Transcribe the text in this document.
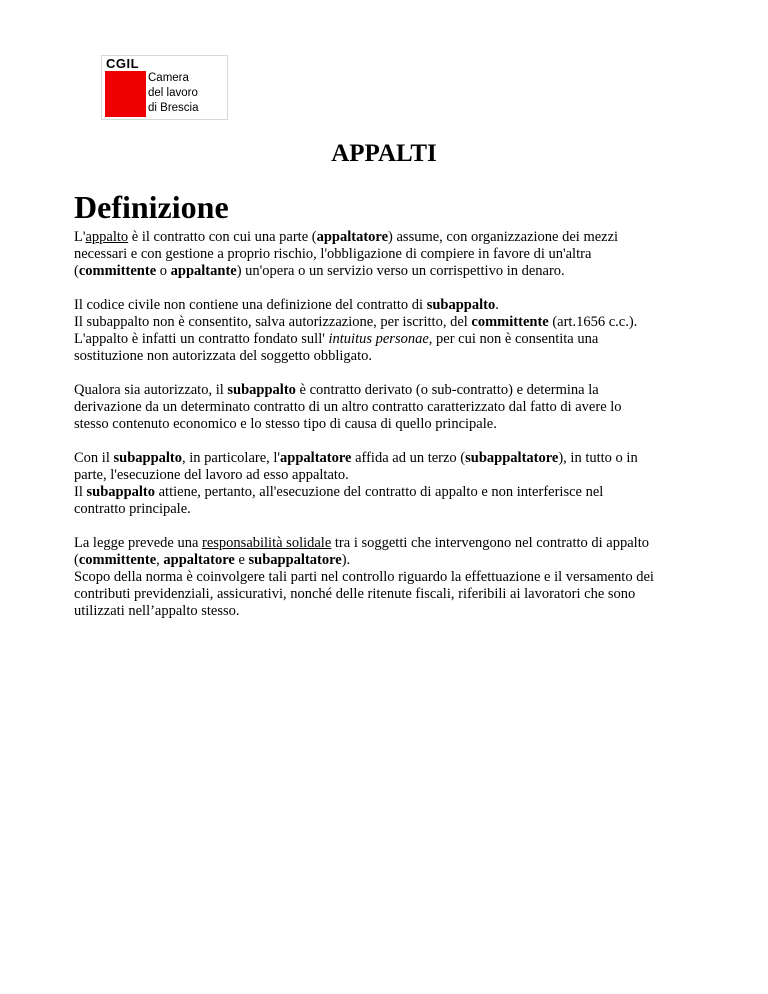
CGIL
Camera
del lavoro
di Brescia
APPALTI
Definizione

L'appalto è il contratto con cui una parte (appaltatore) assume, con organizzazione dei mezzi
necessari e con gestione a proprio rischio, l'obbligazione di compiere in favore di un'altra
(committente o appaltante) un'opera o un servizio verso un corrispettivo in denaro.

Il codice civile non contiene una definizione del contratto di subappalto.
Il subappalto non è consentito, salva autorizzazione, per iscritto, del committente (art.1656 c.c.).
L'appalto è infatti un contratto fondato sull' intuitus personae, per cui non è consentita una
sostituzione non autorizzata del soggetto obbligato.

Qualora sia autorizzato, il subappalto è contratto derivato (o sub-contratto) e determina la
derivazione da un determinato contratto di un altro contratto caratterizzato dal fatto di avere lo
stesso contenuto economico e lo stesso tipo di causa di quello principale.

Con il subappalto, in particolare, l'appaltatore affida ad un terzo (subappaltatore), in tutto o in
parte, l'esecuzione del lavoro ad esso appaltato.
Il subappalto attiene, pertanto, all'esecuzione del contratto di appalto e non interferisce nel
contratto principale.

La legge prevede una responsabilità solidale tra i soggetti che intervengono nel contratto di appalto
(committente, appaltatore e subappaltatore).
Scopo della norma è coinvolgere tali parti nel controllo riguardo la effettuazione e il versamento dei
contributi previdenziali, assicurativi, nonché delle ritenute fiscali, riferibili ai lavoratori che sono
utilizzati nell’appalto stesso.
